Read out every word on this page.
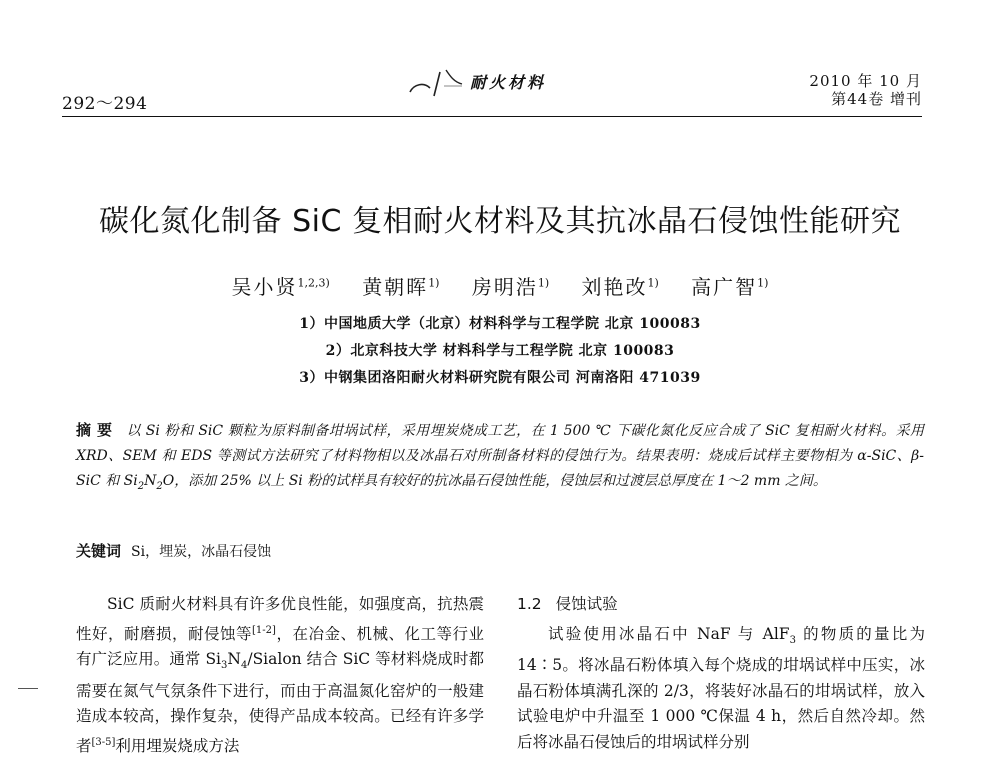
292～294
耐火材料	2010 年 10 月
第44卷 增刊
碳化氮化制备 SiC 复相耐火材料及其抗冰晶石侵蚀性能研究
吴小贤$^{1,2,3)}$ 黄朝晖$^{1)}$ 房明浩$^{1)}$ 刘艳改$^{1)}$ 高广智$^{1)}$
1）中国地质大学（北京）材料科学与工程学院 北京 100083
2）北京科技大学 材料科学与工程学院 北京 100083
3）中钢集团洛阳耐火材料研究院有限公司 河南洛阳 471039
摘 要 以 Si 粉和 SiC 颗粒为原料制备坩埚试样，采用埋炭烧成工艺，在 1 500 ℃ 下碳化氮化反应合成了 SiC 复相耐火材料。采用 XRD、SEM 和 EDS 等测试方法研究了材料物相以及冰晶石对所制备材料的侵蚀行为。结果表明：烧成后试样主要物相为 α-SiC、β-SiC 和 $Si_2N_2O$，添加 25% 以上 Si 粉的试样具有较好的抗冰晶石侵蚀性能，侵蚀层和过渡层总厚度在 1～2 mm 之间。
关键词 Si，埋炭，冰晶石侵蚀
SiC 质耐火材料具有许多优良性能，如强度高，抗热震性好，耐磨损，耐侵蚀等[1-2]，在冶金、机械、化工等行业有广泛应用。通常 $Si_3N_4$/Sialon 结合 SiC 等材料烧成时都需要在氮气气氛条件下进行，而由于高温氮化窑炉的一般建造成本较高，操作复杂，使得产品成本较高。已经有许多学者[3-5]利用埋炭烧成方法
1.2 侵蚀试验
试验使用冰晶石中 NaF 与 AlF$_3$ 的物质的量比为 14∶5。将冰晶石粉体填入每个烧成的坩埚试样中压实，冰晶石粉体填满孔深的 2/3，将装好冰晶石的坩埚试样，放入试验电炉中升温至 1 000 ℃保温 4 h，然后自然冷却。然后将冰晶石侵蚀后的坩埚试样分别
